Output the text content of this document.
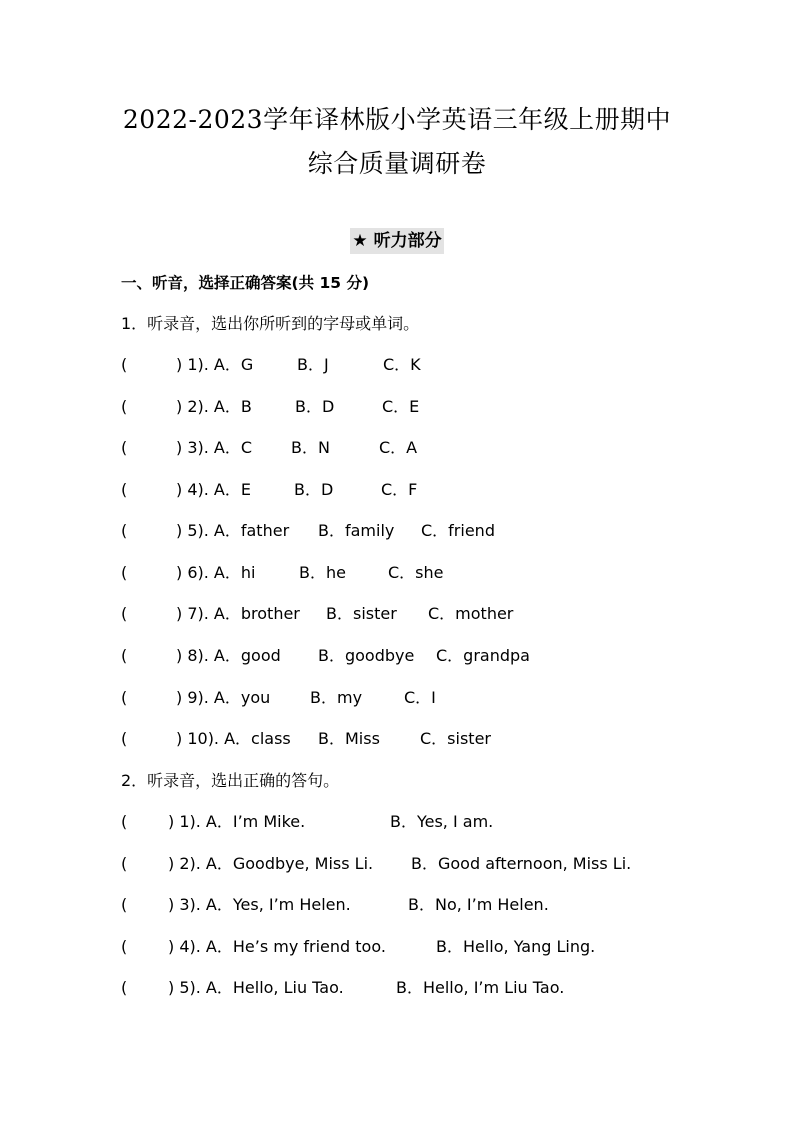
2022-2023学年译林版小学英语三年级上册期中
综合质量调研卷
★ 听力部分
一、听音，选择正确答案(共 15 分)
1．听录音，选出你所听到的字母或单词。
(	) 1). A．G	B．J	C．K
(	) 2). A．B	B．D	C．E
(	) 3). A．C B．N	C．A
(	) 4). A．E	B．D	C．F
(	) 5). A．father B．family C．friend
(	) 6). A．hi	B．he	C．she
(	) 7). A．brother B．sister C．mother
(	) 8). A．good B．goodbye C．grandpa
(	) 9). A．you B．my	C．I
(	) 10). A．class B．Miss	C．sister
2．听录音，选出正确的答句。
(	) 1). A．I’m Mike.	B．Yes, I am.
(	) 2). A．Goodbye, Miss Li. B．Good afternoon, Miss Li.
(	) 3). A．Yes, I’m Helen.	B．No, I’m Helen.
(	) 4). A．He’s my friend too.	B．Hello, Yang Ling.
(	) 5). A．Hello, Liu Tao.	B．Hello, I’m Liu Tao.
